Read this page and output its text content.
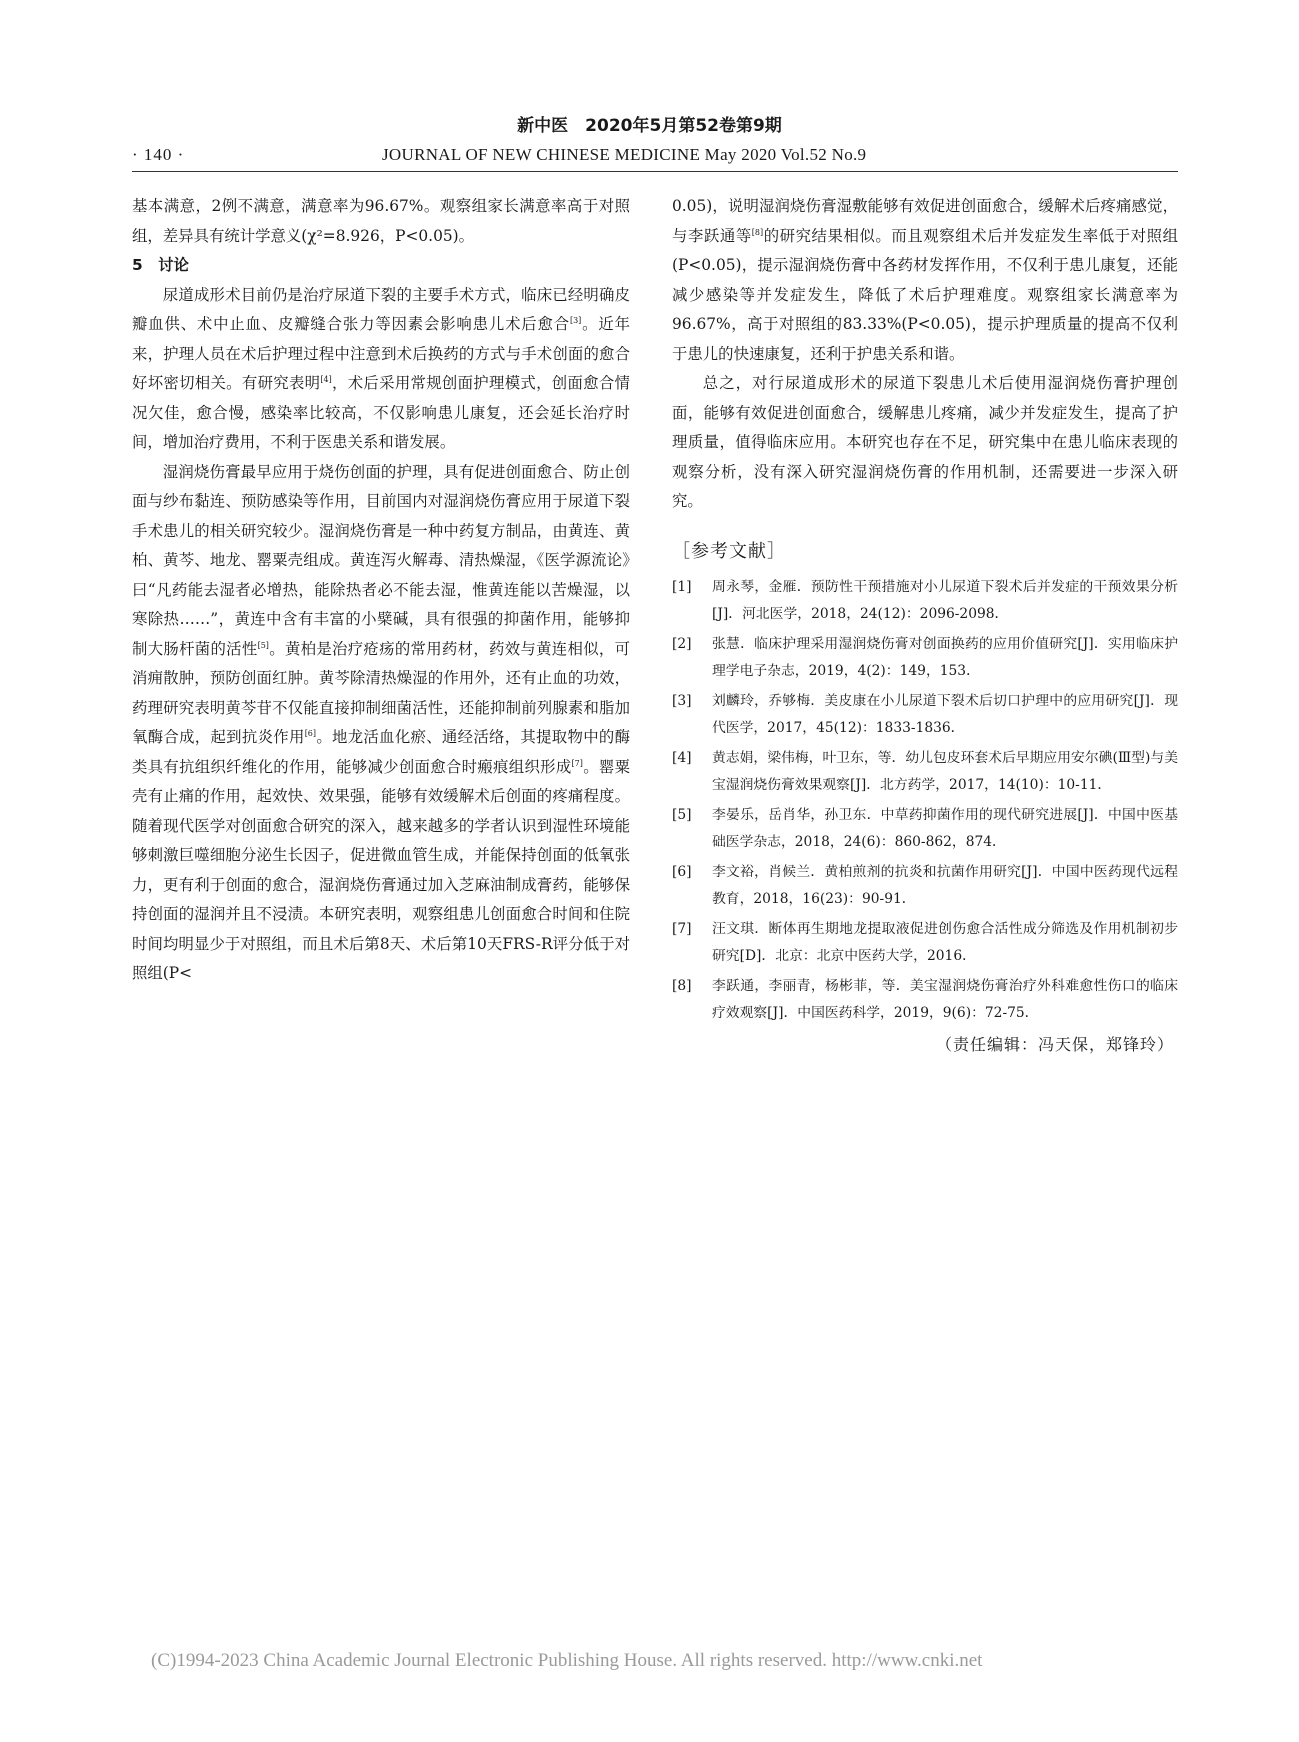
新中医　2020年5月第52卷第9期
· 140 ·	JOURNAL OF NEW CHINESE MEDICINE May 2020 Vol.52 No.9

基本满意，2例不满意，满意率为96.67%。观察组家长满意率高于对照组，差异具有统计学意义(χ²=8.926，P<0.05)。

5　讨论

尿道成形术目前仍是治疗尿道下裂的主要手术方式，临床已经明确皮瓣血供、术中止血、皮瓣缝合张力等因素会影响患儿术后愈合[3]。近年来，护理人员在术后护理过程中注意到术后换药的方式与手术创面的愈合好坏密切相关。有研究表明[4]，术后采用常规创面护理模式，创面愈合情况欠佳，愈合慢，感染率比较高，不仅影响患儿康复，还会延长治疗时间，增加治疗费用，不利于医患关系和谐发展。

湿润烧伤膏最早应用于烧伤创面的护理，具有促进创面愈合、防止创面与纱布黏连、预防感染等作用，目前国内对湿润烧伤膏应用于尿道下裂手术患儿的相关研究较少。湿润烧伤膏是一种中药复方制品，由黄连、黄柏、黄芩、地龙、罂粟壳组成。黄连泻火解毒、清热燥湿，《医学源流论》曰“凡药能去湿者必增热，能除热者必不能去湿，惟黄连能以苦燥湿，以寒除热……”，黄连中含有丰富的小檗碱，具有很强的抑菌作用，能够抑制大肠杆菌的活性[5]。黄柏是治疗疮疡的常用药材，药效与黄连相似，可消痈散肿，预防创面红肿。黄芩除清热燥湿的作用外，还有止血的功效，药理研究表明黄芩苷不仅能直接抑制细菌活性，还能抑制前列腺素和脂加氧酶合成，起到抗炎作用[6]。地龙活血化瘀、通经活络，其提取物中的酶类具有抗组织纤维化的作用，能够减少创面愈合时瘢痕组织形成[7]。罂粟壳有止痛的作用，起效快、效果强，能够有效缓解术后创面的疼痛程度。随着现代医学对创面愈合研究的深入，越来越多的学者认识到湿性环境能够刺激巨噬细胞分泌生长因子，促进微血管生成，并能保持创面的低氧张力，更有利于创面的愈合，湿润烧伤膏通过加入芝麻油制成膏药，能够保持创面的湿润并且不浸渍。本研究表明，观察组患儿创面愈合时间和住院时间均明显少于对照组，而且术后第8天、术后第10天FRS-R评分低于对照组(P<

0.05)，说明湿润烧伤膏湿敷能够有效促进创面愈合，缓解术后疼痛感觉，与李跃通等[8]的研究结果相似。而且观察组术后并发症发生率低于对照组(P<0.05)，提示湿润烧伤膏中各药材发挥作用，不仅利于患儿康复，还能减少感染等并发症发生，降低了术后护理难度。观察组家长满意率为96.67%，高于对照组的83.33%(P<0.05)，提示护理质量的提高不仅利于患儿的快速康复，还利于护患关系和谐。

总之，对行尿道成形术的尿道下裂患儿术后使用湿润烧伤膏护理创面，能够有效促进创面愈合，缓解患儿疼痛，减少并发症发生，提高了护理质量，值得临床应用。本研究也存在不足，研究集中在患儿临床表现的观察分析，没有深入研究湿润烧伤膏的作用机制，还需要进一步深入研究。

［参考文献］
[1] 周永琴，金雁．预防性干预措施对小儿尿道下裂术后并发症的干预效果分析[J]．河北医学，2018，24(12)：2096-2098．
[2] 张慧．临床护理采用湿润烧伤膏对创面换药的应用价值研究[J]．实用临床护理学电子杂志，2019，4(2)：149，153．
[3] 刘麟玲，乔够梅．美皮康在小儿尿道下裂术后切口护理中的应用研究[J]．现代医学，2017，45(12)：1833-1836．
[4] 黄志娟，梁伟梅，叶卫东，等．幼儿包皮环套术后早期应用安尔碘(Ⅲ型)与美宝湿润烧伤膏效果观察[J]．北方药学，2017，14(10)：10-11．
[5] 李晏乐，岳肖华，孙卫东．中草药抑菌作用的现代研究进展[J]．中国中医基础医学杂志，2018，24(6)：860-862，874．
[6] 李文裕，肖候兰．黄柏煎剂的抗炎和抗菌作用研究[J]．中国中医药现代远程教育，2018，16(23)：90-91．
[7] 汪文琪．断体再生期地龙提取液促进创伤愈合活性成分筛选及作用机制初步研究[D]．北京：北京中医药大学，2016．
[8] 李跃通，李丽青，杨彬菲，等．美宝湿润烧伤膏治疗外科难愈性伤口的临床疗效观察[J]．中国医药科学，2019，9(6)：72-75．
（责任编辑：冯天保，郑锋玲）
(C)1994-2023 China Academic Journal Electronic Publishing House. All rights reserved. http://www.cnki.net
